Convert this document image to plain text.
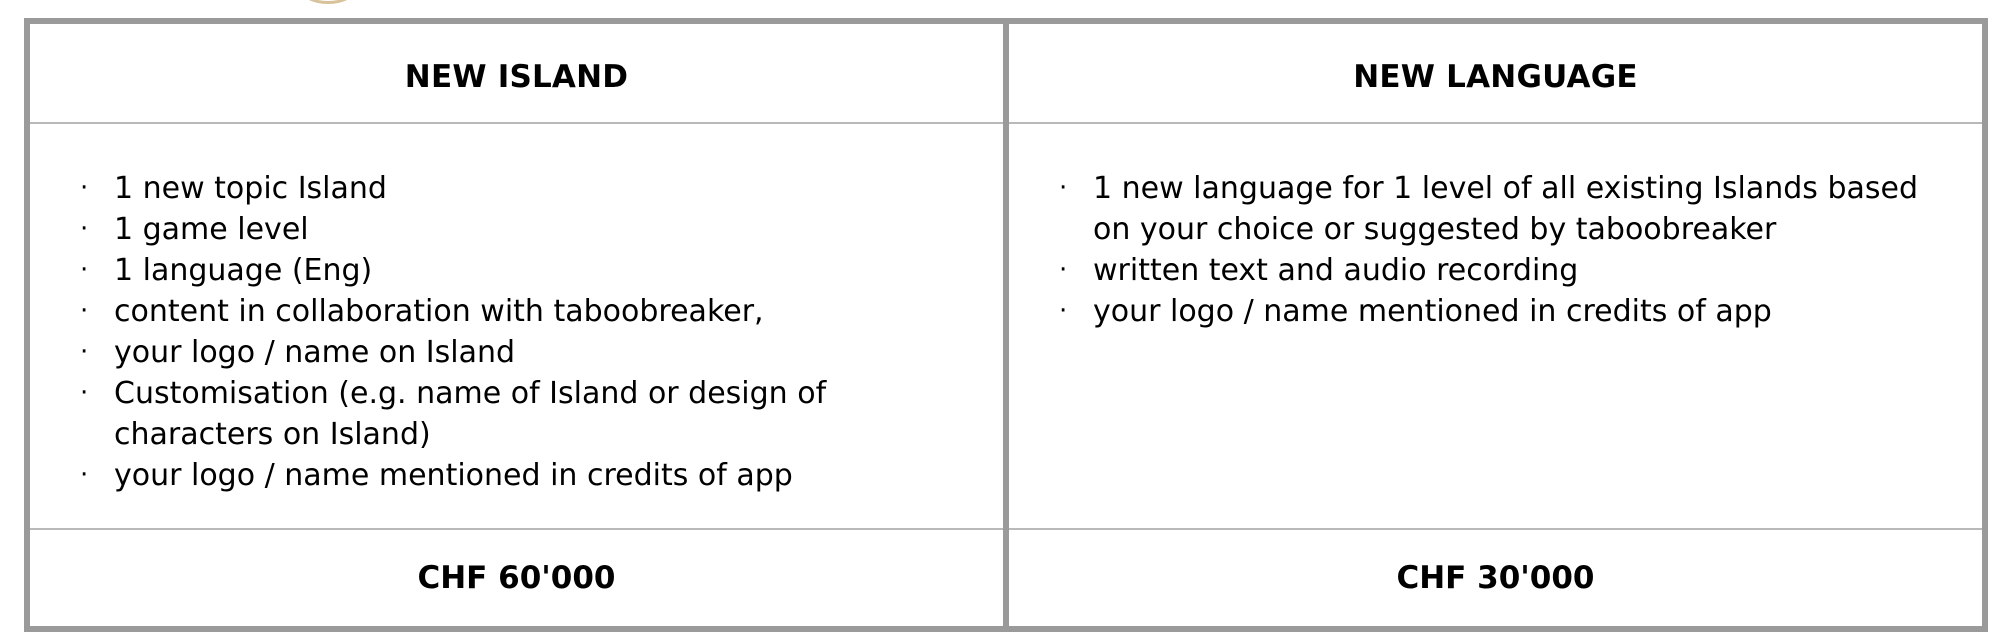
NEW ISLAND
· 1 new topic Island
· 1 game level
· 1 language (Eng)
· content in collaboration with taboobreaker,
· your logo / name on Island
· Customisation (e.g. name of Island or design of
characters on Island)
· your logo / name mentioned in credits of app
CHF 60'000
NEW LANGUAGE
· 1 new language for 1 level of all existing Islands based
on your choice or suggested by taboobreaker
· written text and audio recording
· your logo / name mentioned in credits of app
CHF 30'000
